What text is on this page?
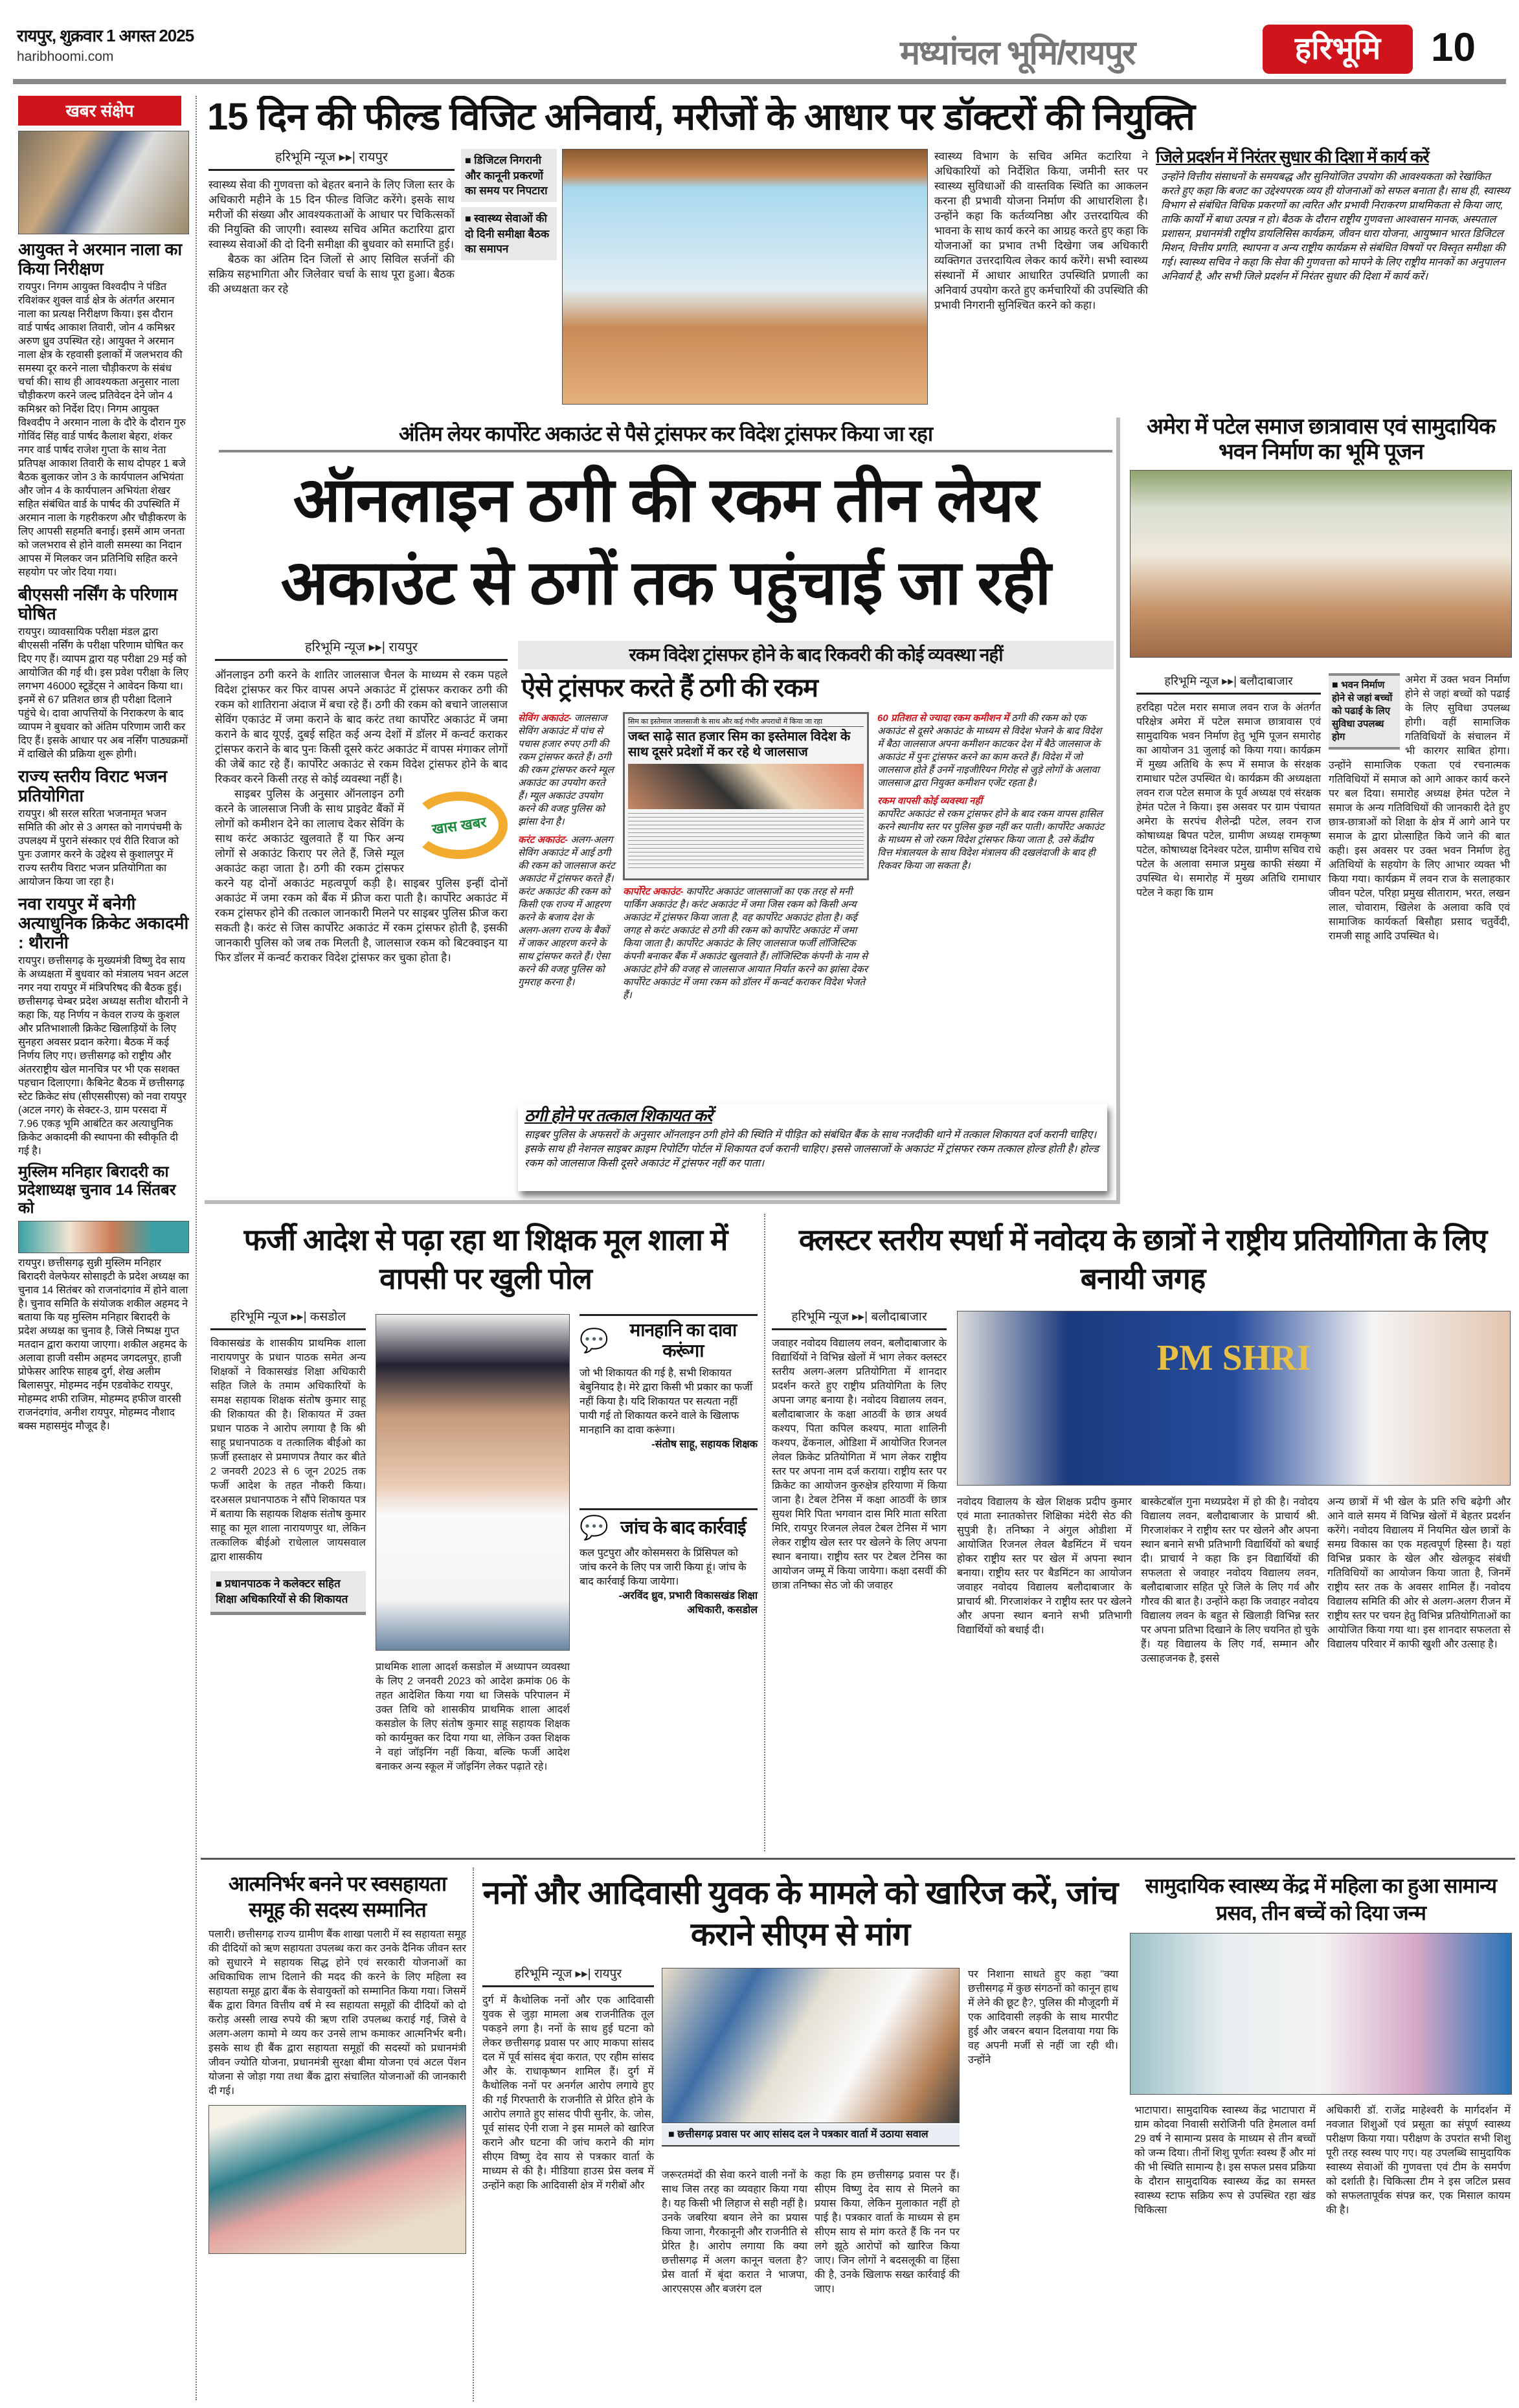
रायपुर, शुक्रवार 1 अगस्त 2025
haribhoomi.com	मध्यांचल भूमि/रायपुर	हरिभूमि	10
खबर संक्षेप
आयुक्त ने अरमान नाला का किया निरीक्षण
रायपुर। निगम आयुक्त विश्वदीप ने पंडित रविशंकर शुक्ल वार्ड क्षेत्र के अंतर्गत अरमान नाला का प्रत्यक्ष निरीक्षण किया। इस दौरान वार्ड पार्षद आकाश तिवारी, जोन 4 कमिश्नर अरुण ध्रुव उपस्थित रहे। आयुक्त ने अरमान नाला क्षेत्र के रहवासी इलाकों में जलभराव की समस्या दूर करने नाला चौड़ीकरण के संबंध चर्चा की। साथ ही आवश्यकता अनुसार नाला चौड़ीकरण करने जल्द प्रतिवेदन देने जोन 4 कमिश्नर को निर्देश दिए। निगम आयुक्त विश्वदीप ने अरमान नाला के दौरे के दौरान गुरु गोविंद सिंह वार्ड पार्षद कैलाश बेहरा, शंकर नगर वार्ड पार्षद राजेश गुप्ता के साथ नेता प्रतिपक्ष आकाश तिवारी के साथ दोपहर 1 बजे बैठक बुलाकर जोन 3 के कार्यपालन अभियंता और जोन 4 के कार्यपालन अभियंता शेखर सहित संबंधित वार्ड के पार्षद की उपस्थिति में अरमान नाला के गहरीकरण और चौड़ीकरण के लिए आपसी सहमति बनाई। इसमें आम जनता को जलभराव से होने वाली समस्या का निदान आपस में मिलकर जन प्रतिनिधि सहित करने सहयोग पर जोर दिया गया।
बीएससी नर्सिंग के परिणाम घोषित
रायपुर। व्यावसायिक परीक्षा मंडल द्वारा बीएससी नर्सिंग के परीक्षा परिणाम घोषित कर दिए गए हैं। व्यापम द्वारा यह परीक्षा 29 मई को आयोजित की गई थी। इस प्रवेश परीक्षा के लिए लगभग 46000 स्टूडेंट्स ने आवेदन किया था। इनमें से 67 प्रतिशत छात्र ही परीक्षा दिलाने पहुंचे थे। दावा आपत्तियों के निराकरण के बाद व्यापम ने बुधवार को अंतिम परिणाम जारी कर दिए हैं। इसके आधार पर अब नर्सिंग पाठ्यक्रमों में दाखिले की प्रक्रिया शुरू होगी।
राज्य स्तरीय विराट भजन प्रतियोगिता
रायपुर। श्री सरल सरिता भजनामृत भजन समिति की ओर से 3 अगस्त को नागपंचमी के उपलक्ष्य में पुराने संस्कार एवं रीति रिवाज को पुनः उजागर करने के उद्देश्य से कुशालपुर में राज्य स्तरीय विराट भजन प्रतियोगिता का आयोजन किया जा रहा है।
नवा रायपुर में बनेगी अत्याधुनिक क्रिकेट अकादमी : थौरानी
रायपुर। छत्तीसगढ़ के मुख्यमंत्री विष्णु देव साय के अध्यक्षता में बुधवार को मंत्रालय भवन अटल नगर नया रायपुर में मंत्रिपरिषद की बैठक हुई। छत्तीसगढ़ चेम्बर प्रदेश अध्यक्ष सतीश थौरानी ने कहा कि, यह निर्णय न केवल राज्य के कुशल और प्रतिभाशाली क्रिकेट खिलाड़ियों के लिए सुनहरा अवसर प्रदान करेगा। बैठक में कई निर्णय लिए गए। छत्तीसगढ़ को राष्ट्रीय और अंतरराष्ट्रीय खेल मानचित्र पर भी एक सशक्त पहचान दिलाएगा। कैबिनेट बैठक में छत्तीसगढ़ स्टेट क्रिकेट संघ (सीएससीएस) को नवा रायपुर (अटल नगर) के सेक्टर-3, ग्राम परसदा में 7.96 एकड़ भूमि आबंटित कर अत्याधुनिक क्रिकेट अकादमी की स्थापना की स्वीकृति दी गई है।
मुस्लिम मनिहार बिरादरी का प्रदेशाध्यक्ष चुनाव 14 सिंतबर को
रायपुर। छत्तीसगढ़ सुन्नी मुस्लिम मनिहार बिरादरी वेलफेयर सोसाइटी के प्रदेश अध्यक्ष का चुनाव 14 सितंबर को राजनांदगांव में होने वाला है। चुनाव समिति के संयोजक शकील अहमद ने बताया कि यह मुस्लिम मनिहार बिरादरी के प्रदेश अध्यक्ष का चुनाव है, जिसे निष्पक्ष गुप्त मतदान द्वारा कराया जाएगा। शकील अहमद के अलावा हाजी वसीम अहमद जगदलपुर, हाजी प्रोफेसर आरिफ साहब दुर्ग, शेख अलीम बिलासपुर, मोहम्मद नईम एडवोकेट रायपुर, मोहम्मद शफी राजिम, मोहम्मद हफीज वारसी राजनंदगांव, अनीश रायपुर, मोहम्मद नौशाद बक्स महासमुंद मौजूद है।
15 दिन की फील्ड विजिट अनिवार्य, मरीजों के आधार पर डॉक्टरों की नियुक्ति
हरिभूमि न्यूज ▸▸| रायपुर
स्वास्थ्य सेवा की गुणवत्ता को बेहतर बनाने के लिए जिला स्तर के अधिकारी महीने के 15 दिन फील्ड विजिट करेंगे। इसके साथ मरीजों की संख्या और आवश्यकताओं के आधार पर चिकित्सकों की नियुक्ति की जाएगी। स्वास्थ्य सचिव अमित कटारिया द्वारा स्वास्थ्य सेवाओं की दो दिनी समीक्षा की बुधवार को समाप्ति हुई।
बैठक का अंतिम दिन जिलों से आए सिविल सर्जनों की सक्रिय सहभागिता और जिलेवार चर्चा के साथ पूरा हुआ। बैठक की अध्यक्षता कर रहे
■ डिजिटल निगरानी और कानूनी प्रकरणों का समय पर निपटारा
■ स्वास्थ्य सेवाओं की दो दिनी समीक्षा बैठक का समापन
स्वास्थ्य विभाग के सचिव अमित कटारिया ने अधिकारियों को निर्देशित किया, जमीनी स्तर पर स्वास्थ्य सुविधाओं की वास्तविक स्थिति का आकलन करना ही प्रभावी योजना निर्माण की आधारशिला है। उन्होंने कहा कि कर्तव्यनिष्ठा और उत्तरदायित्व की भावना के साथ कार्य करने का आग्रह करते हुए कहा कि योजनाओं का प्रभाव तभी दिखेगा जब अधिकारी व्यक्तिगत उत्तरदायित्व लेकर कार्य करेंगे। सभी स्वास्थ्य संस्थानों में आधार आधारित उपस्थिति प्रणाली का अनिवार्य उपयोग करते हुए कर्मचारियों की उपस्थिति की प्रभावी निगरानी सुनिश्चित करने को कहा।
जिले प्रदर्शन में निरंतर सुधार की दिशा में कार्य करें
उन्होंने वित्तीय संसाधनों के समयबद्ध और सुनियोजित उपयोग की आवश्यकता को रेखांकित करते हुए कहा कि बजट का उद्देश्यपरक व्यय ही योजनाओं को सफल बनाता है। साथ ही, स्वास्थ्य विभाग से संबंधित विधिक प्रकरणों का त्वरित और प्रभावी निराकरण प्राथमिकता से किया जाए, ताकि कार्यों में बाधा उत्पन्न न हो। बैठक के दौरान राष्ट्रीय गुणवत्ता आश्वासन मानक, अस्पताल प्रशासन, प्रधानमंत्री राष्ट्रीय डायलिसिस कार्यक्रम, जीवन धारा योजना, आयुष्मान भारत डिजिटल मिशन, वित्तीय प्रगति, स्थापना व अन्य राष्ट्रीय कार्यक्रम से संबंधित विषयों पर विस्तृत समीक्षा की गई। स्वास्थ्य सचिव ने कहा कि सेवा की गुणवत्ता को मापने के लिए राष्ट्रीय मानकों का अनुपालन अनिवार्य है, और सभी जिले प्रदर्शन में निरंतर सुधार की दिशा में कार्य करें।
अंतिम लेयर कार्पोरेट अकाउंट से पैसे ट्रांसफर कर विदेश ट्रांसफर किया जा रहा
ऑनलाइन ठगी की रकम तीन लेयर
अकाउंट से ठगों तक पहुंचाई जा रही
हरिभूमि न्यूज ▸▸| रायपुर
ऑनलाइन ठगी करने के शातिर जालसाज चैनल के माध्यम से रकम पहले विदेश ट्रांसफर कर फिर वापस अपने अकाउंट में ट्रांसफर कराकर ठगी की रकम को शातिराना अंदाज में बचा रहे हैं। ठगी की रकम को बचाने जालसाज सेविंग एकाउंट में जमा कराने के बाद करंट तथा कार्पोरेट अकाउंट में जमा कराने के बाद यूएई, दुबई सहित कई अन्य देशों में डॉलर में कन्वर्ट कराकर ट्रांसफर कराने के बाद पुनः किसी दूसरे करंट अकाउंट में वापस मंगाकर लोगों की जेबें काट रहे हैं। कार्पोरेट अकाउंट से रकम विदेश ट्रांसफर होने के बाद रिकवर करने किसी तरह से कोई व्यवस्था नहीं है।
खास खबर
साइबर पुलिस के अनुसार ऑनलाइन ठगी करने के जालसाज निजी के साथ प्राइवेट बैंकों में लोगों को कमीशन देने का लालाच देकर सेविंग के साथ करंट अकाउंट खुलवाते हैं या फिर अन्य लोगों से अकाउंट किराए पर लेते हैं, जिसे म्यूल अकाउंट कहा जाता है। ठगी की रकम ट्रांसफर करने यह दोनों अकाउंट महत्वपूर्ण कड़ी है। साइबर पुलिस इन्हीं दोनों अकाउंट में जमा रकम को बैंक में फ्रीज करा पाती है। कार्पोरेट अकाउंट में रकम ट्रांसफर होने की तत्काल जानकारी मिलने पर साइबर पुलिस फ्रीज करा सकती है। करंट से जिस कार्पोरेट अकाउंट में रकम ट्रांसफर होती है, इसकी जानकारी पुलिस को जब तक मिलती है, जालसाज रकम को बिटक्वाइन या फिर डॉलर में कन्वर्ट कराकर विदेश ट्रांसफर कर चुका होता है।
रकम विदेश ट्रांसफर होने के बाद रिकवरी की कोई व्यवस्था नहीं
ऐसे ट्रांसफर करते हैं ठगी की रकम
सेविंग अकाउंट- जालसाज सेविंग अकाउंट में पांच से पचास हजार रुपए ठगी की रकम ट्रांसफर करते हैं। ठगी की रकम ट्रांसफर करने म्यूल अकाउंट का उपयोग करते हैं। म्यूल अकाउंट उपयोग करने की वजह पुलिस को झांसा देना है।
करंट अकाउंट- अलग-अलग सेविंग अकाउंट में आई ठगी की रकम को जालसाज करंट अकाउंट में ट्रांसफर करते हैं। करंट अकाउंट की रकम को किसी एक राज्य में आहरण करने के बजाय देश के अलग-अलग राज्य के बैकों में जाकर आहरण करने के साथ ट्रांसफर करते हैं। ऐसा करने की वजह पुलिस को गुमराह करना है।
सिम का इस्तेमाल जालसाजी के साथ और कई गंभीर अपराधों में किया जा रहा
जब्त साढ़े सात हजार सिम का इस्तेमाल विदेश के साथ दूसरे प्रदेशों में कर रहे थे जालसाज
कार्पोरेट अकाउंट- कार्पोरेट अकाउंट जालसाजों का एक तरह से मनी पार्किंग अकाउंट है। करंट अकाउंट में जमा जिस रकम को किसी अन्य अकाउंट में ट्रांसफर किया जाता है, वह कार्पोरेट अकाउंट होता है। कई जगह से करंट अकाउंट से ठगी की रकम को कार्पोरेट अकाउंट में जमा किया जाता है। कार्पोरेट अकाउंट के लिए जालसाज फर्जी लॉजिस्टिक कंपनी बनाकर बैंक में अकाउंट खुलवाते हैं। लॉजिस्टिक कंपनी के नाम से अकाउंट होने की वजह से जालसाज आयात निर्यात करने का झांसा देकर कार्पोरेट अकाउंट में जमा रकम को डॉलर में कन्वर्ट कराकर विदेश भेजते हैं।
60 प्रतिशत से ज्यादा रकम कमीशन में ठगी की रकम को एक अकाउंट से दूसरे अकाउंट के माध्यम से विदेश भेजने के बाद विदेश में बैठा जालसाज अपना कमीशन काटकर देश में बैठे जालसाज के अकाउंट में पुनः ट्रांसफर करने का काम करते हैं। विदेश में जो जालसाज होते हैं उनमें नाइजीरियन गिरोह से जुड़े लोगों के अलावा जालसाज द्वारा नियुक्त कमीशन एजेंट रहता है।
रकम वापसी कोई व्यवस्था नहीं
कार्पोरेट अकाउंट से रकम ट्रांसफर होने के बाद रकम वापस हासिल करने स्थानीय स्तर पर पुलिस कुछ नहीं कर पाती। कार्पोरेट अकाउंट के माध्यम से जो रकम विदेश ट्रांसफर किया जाता है, उसे केंद्रीय वित्त मंत्रालयल के साथ विदेश मंत्रालय की दखलंदाजी के बाद ही रिकवर किया जा सकता है।
ठगी होने पर तत्काल शिकायत करें
साइबर पुलिस के अफसरों के अनुसार ऑनलाइन ठगी होने की स्थिति में पीड़ित को संबंधित बैंक के साथ नजदीकी थाने में तत्काल शिकायत दर्ज करानी चाहिए। इसके साथ ही नेशनल साइबर क्राइम रिपोर्टिंग पोर्टल में शिकायत दर्ज करानी चाहिए। इससे जालसाजों के अकाउंट में ट्रांसफर रकम तत्काल होल्ड होती है। होल्ड रकम को जालसाज किसी दूसरे अकाउंट में ट्रांसफर नहीं कर पाता।
अमेरा में पटेल समाज छात्रावास एवं सामुदायिक भवन निर्माण का भूमि पूजन
हरिभूमि न्यूज ▸▸| बलौदाबाजार
हरदिहा पटेल मरार समाज लवन राज के अंतर्गत परिक्षेत्र अमेरा में पटेल समाज छात्रावास एवं सामुदायिक भवन निर्माण हेतु भूमि पूजन समारोह का आयोजन 31 जुलाई को किया गया। कार्यक्रम में मुख्य अतिथि के रूप में समाज के संरक्षक रामाधार पटेल उपस्थित थे। कार्यक्रम की अध्यक्षता लवन राज पटेल समाज के पूर्व अध्यक्ष एवं संरक्षक हेमंत पटेल ने किया। इस असवर पर ग्राम पंचायत अमेरा के सरपंच शैलेन्द्री पटेल, लवन राज कोषाध्यक्ष बिपत पटेल, ग्रामीण अध्यक्ष रामकृष्ण पटेल, कोषाध्यक्ष दिनेश्वर पटेल, ग्रामीण सचिव राधे पटेल के अलावा समाज प्रमुख काफी संख्या में उपस्थित थे। समारोह में मुख्य अतिथि रामाधार पटेल ने कहा कि ग्राम
■ भवन निर्माण होने से जहां बच्चों को पढाई के लिए सुविधा उपलब्ध होग
अमेरा में उक्त भवन निर्माण होने से जहां बच्चों को पढाई के लिए सुविधा उपलब्ध होगी। वहीं सामाजिक गतिविधियों के संचालन में भी कारगर साबित होगा। उन्होंने सामाजिक एकता एवं रचनात्मक गतिविधियों में समाज को आगे आकर कार्य करने पर बल दिया। समारोह अध्यक्ष हेमंत पटेल ने समाज के अन्य गतिविधियों की जानकारी देते हुए छात्र-छात्राओं को शिक्षा के क्षेत्र में आगे आने पर समाज के द्वारा प्रोत्साहित किये जाने की बात कही। इस अवसर पर उक्त भवन निर्माण हेतु अतिथियों के सहयोग के लिए आभार व्यक्त भी किया गया। कार्यक्रम में लवन राज के सलाहकार जीवन पटेल, परिहा प्रमुख सीताराम, भरत, लखन लाल, चोवाराम, खिलेश के अलावा कवि एवं सामाजिक कार्यकर्ता बिसौहा प्रसाद चतुर्वेदी, रामजी साहू आदि उपस्थित थे।
फर्जी आदेश से पढ़ा रहा था शिक्षक मूल शाला में वापसी पर खुली पोल
हरिभूमि न्यूज ▸▸| कसडोल
विकासखंड के शासकीय प्राथमिक शाला नारायणपुर के प्रधान पाठक समेत अन्य शिक्षकों ने विकासखंड शिक्षा अधिकारी सहित जिले के तमाम अधिकारियों के समक्ष सहायक शिक्षक संतोष कुमार साहू की शिकायत की है। शिकायत में उक्त प्रधान पाठक ने आरोप लगाया है कि श्री साहू प्रधानपाठक व तत्कालिक बीईओ का फ़र्जी हस्ताक्षर से प्रमाणपत्र तैयार कर बीते 2 जनवरी 2023 से 6 जून 2025 तक फर्जी आदेश के तहत नौकरी किया। दरअसल प्रधानपाठक ने सौंपे शिकायत पत्र में बताया कि सहायक शिक्षक संतोष कुमार साहू का मूल शाला नारायणपुर था, लेकिन तत्कालिक बीईओ राधेलाल जायसवाल द्वारा शासकीय
■ प्रधानपाठक ने कलेक्टर सहित शिक्षा अधिकारियों से की शिकायत
प्राथमिक शाला आदर्श कसडोल में अध्यापन व्यवस्था के लिए 2 जनवरी 2023 को आदेश क्रमांक 06 के तहत आदेशित किया गया था जिसके परिपालन में उक्त तिथि को शासकीय प्राथमिक शाला आदर्श कसडोल के लिए संतोष कुमार साहू सहायक शिक्षक को कार्यमुक्त कर दिया गया था, लेकिन उक्त शिक्षक ने वहां जॉइनिंग नहीं किया, बल्कि फर्जी आदेश बनाकर अन्य स्कूल में जॉइनिंग लेकर पढ़ाते रहे।
💬	मानहानि का दावा करूंगा
जो भी शिकायत की गई है, सभी शिकायत बेबुनियाद है। मेरे द्वारा किसी भी प्रकार का फर्जी नहीं किया है। यदि शिकायत पर सत्यता नहीं पायी गई तो शिकायत करने वाले के खिलाफ मानहानि का दावा करूंगा।
-संतोष साहू, सहायक शिक्षक
💬 जांच के बाद कार्रवाई
कल पुटपुरा और कोसमसरा के प्रिंसिपल को जांच करने के लिए पत्र जारी किया हूं। जांच के बाद कार्रवाई किया जायेगा।
-अरविंद ध्रुव, प्रभारी विकासखंड शिक्षा अधिकारी, कसडोल
क्लस्टर स्तरीय स्पर्धा में नवोदय के छात्रों ने राष्ट्रीय प्रतियोगिता के लिए बनायी जगह
हरिभूमि न्यूज ▸▸| बलौदाबाजार
जवाहर नवोदय विद्यालय लवन, बलौदाबाजार के विद्यार्थियों ने विभिन्न खेलों में भाग लेकर क्लस्टर स्तरीय अलग-अलग प्रतियोगिता में शानदार प्रदर्शन करते हुए राष्ट्रीय प्रतियोगिता के लिए अपना जगह बनाया है। नवोदय विद्यालय लवन, बलौदाबाजार के कक्षा आठवीं के छात्र अथर्व कश्यप, पिता कपिल कश्यप, माता शालिनी कश्यप, ढेंकनाल, ओडिशा में आयोजित रिजनल लेवल क्रिकेट प्रतियोगिता में भाग लेकर राष्ट्रीय स्तर पर अपना नाम दर्ज कराया। राष्ट्रीय स्तर पर क्रिकेट का आयोजन कुरुक्षेत्र हरियाणा में किया जाना है। टेबल टेनिस में कक्षा आठवीं के छात्र सुयश मिरि पिता भगवान दास मिरि माता सरिता मिरि, रायपुर रिजनल लेवल टेबल टेनिस में भाग लेकर राष्ट्रीय खेल स्तर पर खेलने के लिए अपना स्थान बनाया। राष्ट्रीय स्तर पर टेबल टेनिस का आयोजन जम्मू में किया जायेगा। कक्षा दसवीं की छात्रा तनिष्का सेठ जो की जवाहर
PM SHRI
नवोदय विद्यालय के खेल शिक्षक प्रदीप कुमार एवं माता स्नातकोत्तर शिक्षिका मंदेरी सेठ की सुपुत्री है। तनिष्का ने अंगुल ओडीशा में आयोजित रिजनल लेवल बैडमिंटन में चयन होकर राष्ट्रीय स्तर पर खेल में अपना स्थान बनाया। राष्ट्रीय स्तर पर बैडमिंटन का आयोजन जवाहर नवोदय विद्यालय बलौदाबाजार के प्राचार्य श्री. गिरजाशंकर ने राष्ट्रीय स्तर पर खेलने और अपना स्थान बनाने सभी प्रतिभागी विद्यार्थियों को बधाई दी।
बास्केटबॉल गुना मध्यप्रदेश में हो की है। नवोदय विद्यालय लवन, बलौदाबाजार के प्राचार्य श्री. गिरजाशंकर ने राष्ट्रीय स्तर पर खेलने और अपना स्थान बनाने सभी प्रतिभागी विद्यार्थियों को बधाई दी। प्राचार्य ने कहा कि इन विद्यार्थियों की सफलता से जवाहर नवोदय विद्यालय लवन, बलौदाबाजार सहित पूरे जिले के लिए गर्व और गौरव की बात है। उन्होंने कहा कि जवाहर नवोदय विद्यालय लवन के बहुत से खिलाड़ी विभिन्न स्तर पर अपना प्रतिभा दिखाने के लिए चयनित हो चुके हैं। यह विद्यालय के लिए गर्व, सम्मान और उत्साहजनक है, इससे
अन्य छात्रों में भी खेल के प्रति रुचि बढ़ेगी और आने वाले समय में विभिन्न खेलों में बेहतर प्रदर्शन करेंगे। नवोदय विद्यालय में नियमित खेल छात्रों के समग्र विकास का एक महत्वपूर्ण हिस्सा है। यहां विभिन्न प्रकार के खेल और खेलकूद संबंधी गतिविधियों का आयोजन किया जाता है, जिनमें राष्ट्रीय स्तर तक के अवसर शामिल हैं। नवोदय विद्यालय समिति की ओर से अलग-अलग रीजन में राष्ट्रीय स्तर पर चयन हेतु विभिन्न प्रतियोगिताओं का आयोजित किया गया था। इस शानदार सफलता से विद्यालय परिवार में काफी खुशी और उत्साह है।
आत्मनिर्भर बनने पर स्वसहायता समूह की सदस्य सम्मानित
पलारी। छत्तीसगढ़ राज्य ग्रामीण बैंक शाखा पलारी में स्व सहायता समूह की दीदियों को ऋण सहायता उपलब्ध करा कर उनके दैनिक जीवन स्तर को सुधारने मे सहायक सिद्ध होने एवं सरकारी योजनाओं का अधिकाधिक लाभ दिलाने की मदद की करने के लिए महिला स्व सहायता समूह द्वारा बैंक के सेवायुक्तों को सम्मानित किया गया। जिसमें बैंक द्वारा विगत वित्तीय वर्ष मे स्व सहायता समूहों की दीदियों को दो करोड़ अस्सी लाख रुपये की ऋण राशि उपलब्ध कराई गई, जिसे वे अलग-अलग कामो मे व्यय कर उनसे लाभ कमाकर आत्मनिर्भर बनी। इसके साथ ही बैंक द्वारा सहायता समूहों की सदस्यों को प्रधानमंत्री जीवन ज्योति योजना, प्रधानमंत्री सुरक्षा बीमा योजना एवं अटल पेंशन योजना से जोड़ा गया तथा बैंक द्वारा संचालित योजनाओं की जानकारी दी गई।
ननों और आदिवासी युवक के मामले को खारिज करें, जांच कराने सीएम से मांग
हरिभूमि न्यूज ▸▸| रायपुर
दुर्ग में कैथोलिक ननों और एक आदिवासी युवक से जुड़ा मामला अब राजनीतिक तूल पकड़ने लगा है। ननों के साथ हुई घटना को लेकर छत्तीसगढ़ प्रवास पर आए माकपा सांसद दल में पूर्व सांसद बृंदा करात, एए रहीम सांसद और के. राधाकृष्णन शामिल हैं। दुर्ग में कैथोलिक ननों पर अनर्गल आरोप लगाये हुए की गई गिरफ्तारी के राजनीति से प्रेरित होने के आरोप लगाते हुए सांसद पीपी सुनीर, के. जोस, पूर्व सांसद ऐनी राजा ने इस मामले को खारिज कराने और घटना की जांच कराने की मांग सीएम विष्णु देव साय से पत्रकार वार्ता के माध्यम से की है। मीडियाा हाउस प्रेस क्लब में उन्होंने कहा कि आदिवासी क्षेत्र में गरीबों और
■ छत्तीसगढ़ प्रवास पर आए सांसद दल ने पत्रकार वार्ता में उठाया सवाल
पर निशाना साधते हुए कहा "क्या छत्तीसगढ़ में कुछ संगठनों को कानून हाथ में लेने की छूट है?, पुलिस की मौजूदगी में एक आदिवासी लड़की के साथ मारपीट हुई और जबरन बयान दिलवाया गया कि वह अपनी मर्जी से नहीं जा रही थी। उन्होंने
जरूरतमंदों की सेवा करने वाली ननों के साथ जिस तरह का व्यवहार किया गया है। यह किसी भी लिहाज से सही नहीं है। उनके जबरिया बयान लेने का प्रयास किया जाना, गैरकानूनी और राजनीति से प्रेरित है। आरोप लगाया कि क्या छत्तीसगढ़ में अलग कानून चलता है? प्रेस वार्ता में बृंदा करात ने भाजपा, आरएसएस और बजरंग दल
कहा कि हम छत्तीसगढ़ प्रवास पर हैं। सीएम विष्णु देव साय से मिलने का प्रयास किया, लेकिन मुलाकात नहीं हो पाई है। पत्रकार वार्ता के माध्यम से हम सीएम साय से मांग करते हैं कि नन पर लगे झूठे आरोपों को खारिज किया जाए। जिन लोगों ने बदसलूकी वा हिंसा की है, उनके खिलाफ सख्त कार्रवाई की जाए।
सामुदायिक स्वास्थ्य केंद्र में महिला का हुआ सामान्य प्रसव, तीन बच्चें को दिया जन्म
भाटापारा। सामुदायिक स्वास्थ्य केंद्र भाटापारा में ग्राम कोदवा निवासी सरोजिनी पति हेमलाल वर्मा 29 वर्ष ने सामान्य प्रसव के माध्यम से तीन बच्चों को जन्म दिया। तीनों शिशु पूर्णतः स्वस्थ हैं और मां की भी स्थिति सामान्य है। इस सफल प्रसव प्रक्रिया के दौरान सामुदायिक स्वास्थ्य केंद्र का समस्त स्वास्थ्य स्टाफ सक्रिय रूप से उपस्थित रहा खंड चिकित्सा
अधिकारी डॉ. राजेंद्र माहेश्वरी के मार्गदर्शन में नवजात शिशुओं एवं प्रसूता का संपूर्ण स्वास्थ्य परीक्षण किया गया। परीक्षण के उपरांत सभी शिशु पूरी तरह स्वस्थ पाए गए। यह उपलब्धि सामुदायिक स्वास्थ्य सेवाओं की गुणवत्ता एवं टीम के समर्पण को दर्शाती है। चिकित्सा टीम ने इस जटिल प्रसव को सफलतापूर्वक संपन्न कर, एक मिसाल कायम की है।
